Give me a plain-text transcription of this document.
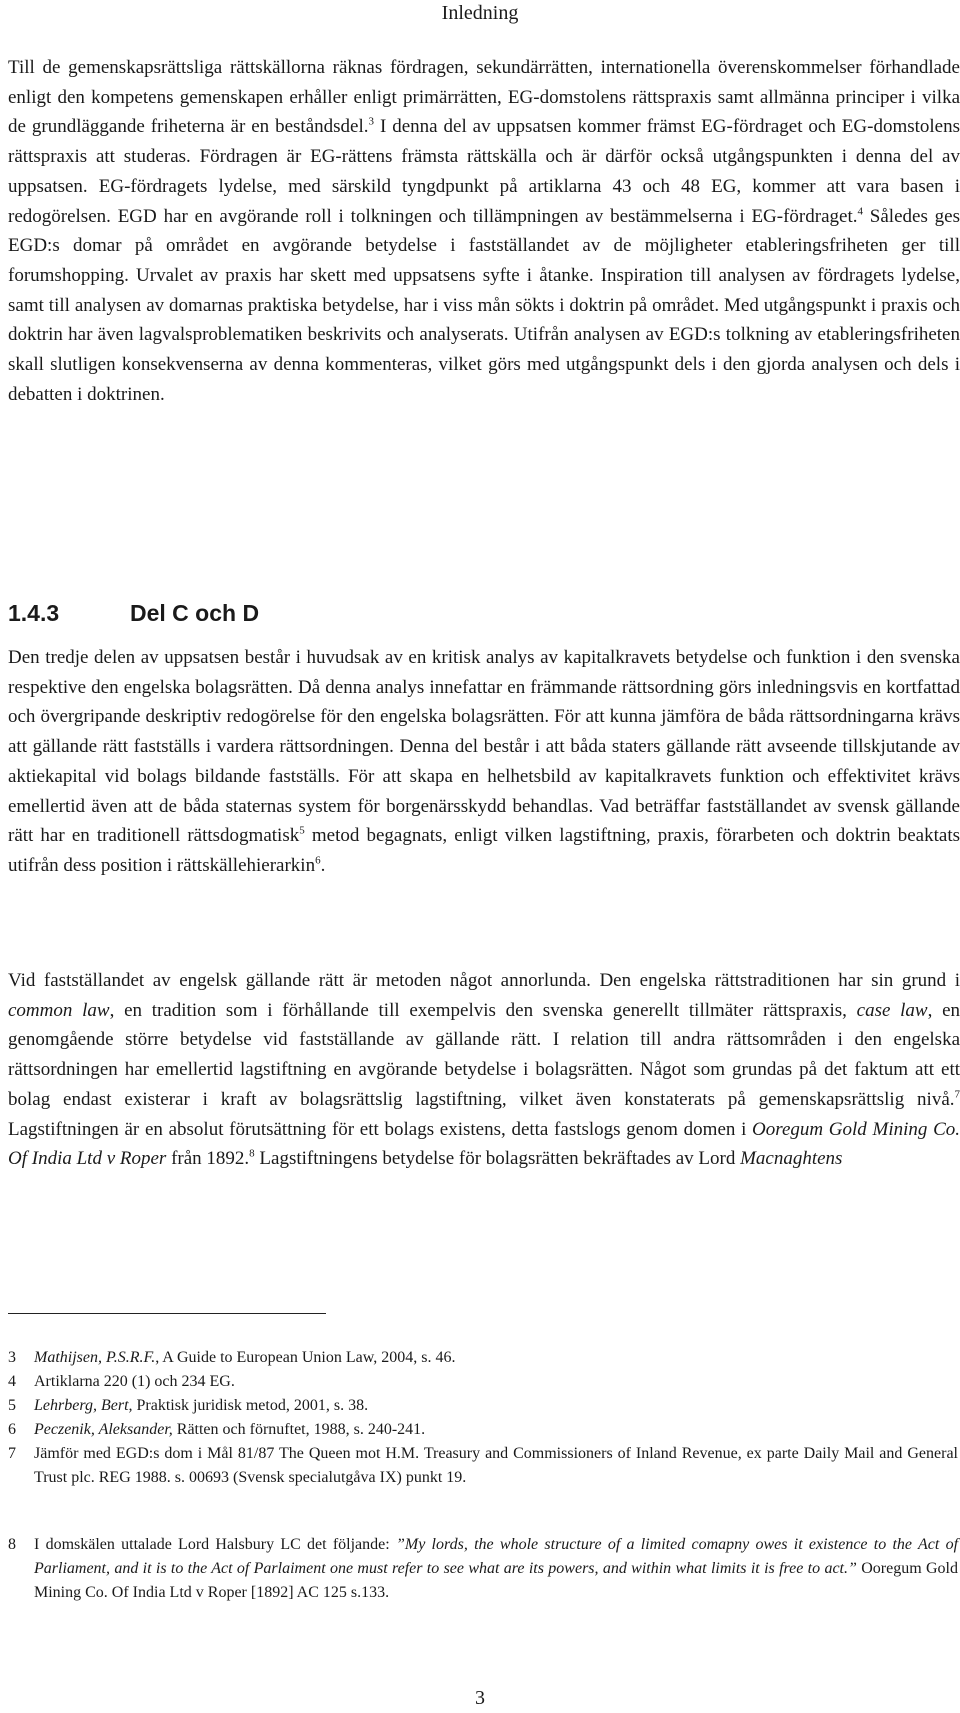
Inledning

Till de gemenskapsrättsliga rättskällorna räknas fördragen, sekundärrätten, internationella överenskommelser förhandlade enligt den kompetens gemenskapen erhåller enligt primärrätten, EG-domstolens rättspraxis samt allmänna principer i vilka de grundläggande friheterna är en beståndsdel.$^3$ I denna del av uppsatsen kommer främst EG-fördraget och EG-domstolens rättspraxis att studeras. Fördragen är EG-rättens främsta rättskälla och är därför också utgångspunkten i denna del av uppsatsen. EG-fördragets lydelse, med särskild tyngdpunkt på artiklarna 43 och 48 EG, kommer att vara basen i redogörelsen. EGD har en avgörande roll i tolkningen och tillämpningen av bestämmelserna i EG-fördraget.$^4$ Således ges EGD:s domar på området en avgörande betydelse i fastställandet av de möjligheter etableringsfriheten ger till forumshopping. Urvalet av praxis har skett med uppsatsens syfte i åtanke. Inspiration till analysen av fördragets lydelse, samt till analysen av domarnas praktiska betydelse, har i viss mån sökts i doktrin på området. Med utgångspunkt i praxis och doktrin har även lagvalsproblematiken beskrivits och analyserats. Utifrån analysen av EGD:s tolkning av etableringsfriheten skall slutligen konsekvenserna av denna kommenteras, vilket görs med utgångspunkt dels i den gjorda analysen och dels i debatten i doktrinen.

1.4.3	Del C och D

Den tredje delen av uppsatsen består i huvudsak av en kritisk analys av kapitalkravets betydelse och funktion i den svenska respektive den engelska bolagsrätten. Då denna analys innefattar en främmande rättsordning görs inledningsvis en kortfattad och övergripande deskriptiv redogörelse för den engelska bolagsrätten. För att kunna jämföra de båda rättsordningarna krävs att gällande rätt fastställs i vardera rättsordningen. Denna del består i att båda staters gällande rätt avseende tillskjutande av aktiekapital vid bolags bildande fastställs. För att skapa en helhetsbild av kapitalkravets funktion och effektivitet krävs emellertid även att de båda staternas system för borgenärsskydd behandlas. Vad beträffar fastställandet av svensk gällande rätt har en traditionell rättsdogmatisk$^5$ metod begagnats, enligt vilken lagstiftning, praxis, förarbeten och doktrin beaktats utifrån dess position i rättskällehierarkin$^6$.

Vid fastställandet av engelsk gällande rätt är metoden något annorlunda. Den engelska rättstraditionen har sin grund i common law, en tradition som i förhållande till exempelvis den svenska generellt tillmäter rättspraxis, case law, en genomgående större betydelse vid fastställande av gällande rätt. I relation till andra rättsområden i den engelska rättsordningen har emellertid lagstiftning en avgörande betydelse i bolagsrätten. Något som grundas på det faktum att ett bolag endast existerar i kraft av bolagsrättslig lagstiftning, vilket även konstaterats på gemenskapsrättslig nivå.$^7$ Lagstiftningen är en absolut förutsättning för ett bolags existens, detta fastslogs genom domen i Ooregum Gold Mining Co. Of India Ltd v Roper från 1892.$^8$ Lagstiftningens betydelse för bolagsrätten bekräftades av Lord Macnaghtens

3 Mathijsen, P.S.R.F., A Guide to European Union Law, 2004, s. 46.

4 Artiklarna 220 (1) och 234 EG.

5 Lehrberg, Bert, Praktisk juridisk metod, 2001, s. 38.

6 Peczenik, Aleksander, Rätten och förnuftet, 1988, s. 240-241.

7 Jämför med EGD:s dom i Mål 81/87 The Queen mot H.M. Treasury and Commissioners of Inland Revenue, ex parte Daily Mail and General Trust plc. REG 1988. s. 00693 (Svensk specialutgåva IX) punkt 19.

8 I domskälen uttalade Lord Halsbury LC det följande: ”My lords, the whole structure of a limited comapny owes it existence to the Act of Parliament, and it is to the Act of Parlaiment one must refer to see what are its powers, and within what limits it is free to act.” Ooregum Gold Mining Co. Of India Ltd v Roper [1892] AC 125 s.133.

3
